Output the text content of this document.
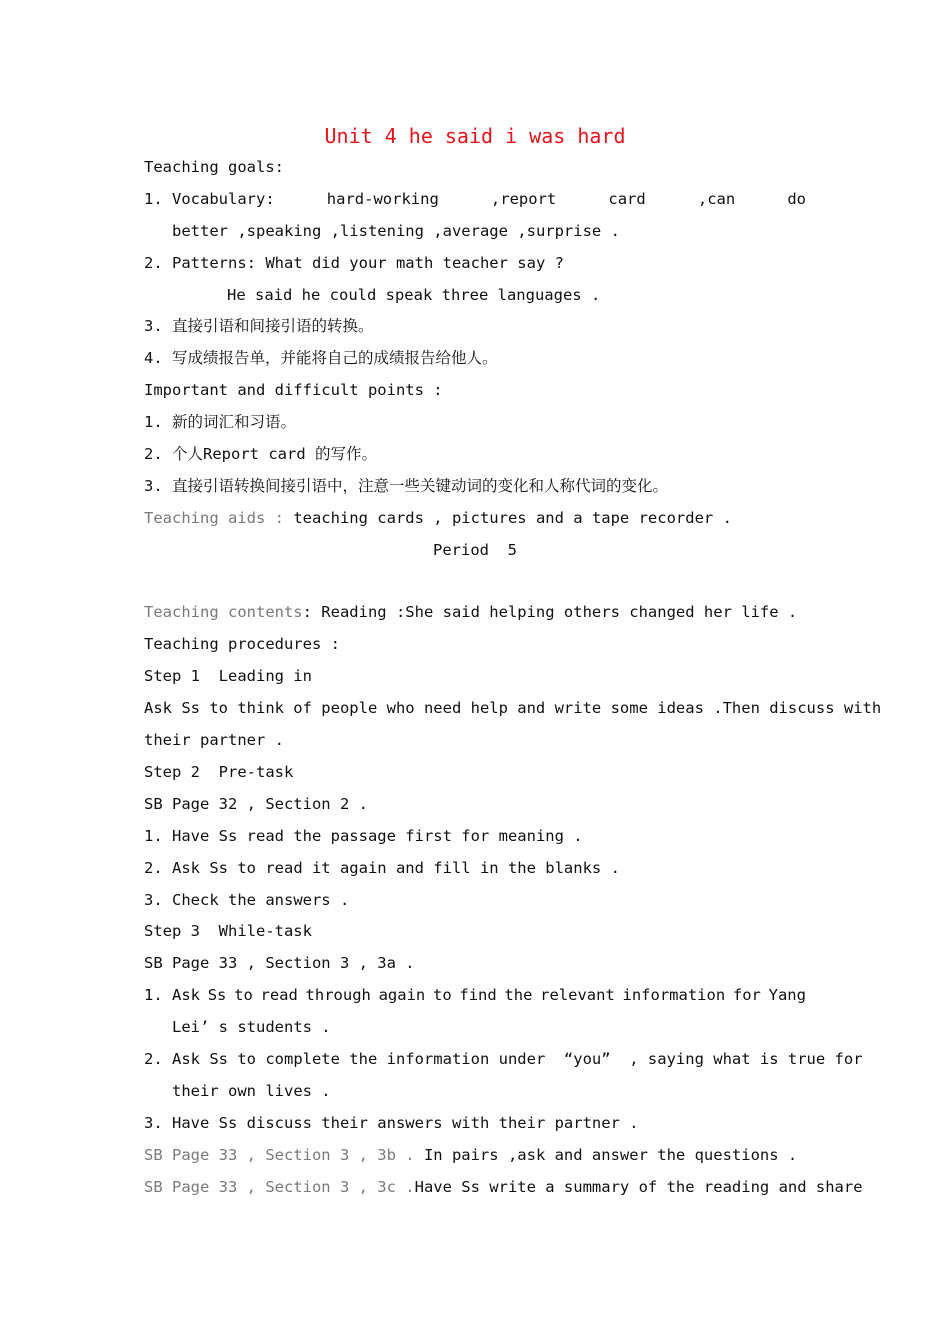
Unit 4 he said i was hard
Teaching goals:
1. Vocabulary:	hard-working	,report	card	,can	do
better ,speaking ,listening ,average ,surprise .
2. Patterns: What did your math teacher say ?
He said he could speak three languages .
3. 直接引语和间接引语的转换。
4. 写成绩报告单，并能将自己的成绩报告给他人。
Important and difficult points :
1. 新的词汇和习语。
2. 个人Report card 的写作。
3. 直接引语转换间接引语中，注意一些关键动词的变化和人称代词的变化。
Teaching aids : teaching cards , pictures and a tape recorder .
Period  5
Teaching contents: Reading :She said helping others changed her life .
Teaching procedures :
Step 1  Leading in
Ask Ss to think of people who need help and write some ideas .Then discuss with
their partner .
Step 2  Pre-task
SB Page 32 , Section 2 .
1. Have Ss read the passage first for meaning .
2. Ask Ss to read it again and fill in the blanks .
3. Check the answers .
Step 3  While-task
SB Page 33 , Section 3 , 3a .
1. Ask Ss to read through again to find the relevant information for Yang
Lei’ s students .
2. Ask Ss to complete the information under  “you”  , saying what is true for
their own lives .
3. Have Ss discuss their answers with their partner .
SB Page 33 , Section 3 , 3b . In pairs ,ask and answer the questions .
SB Page 33 , Section 3 , 3c .Have Ss write a summary of the reading and share
